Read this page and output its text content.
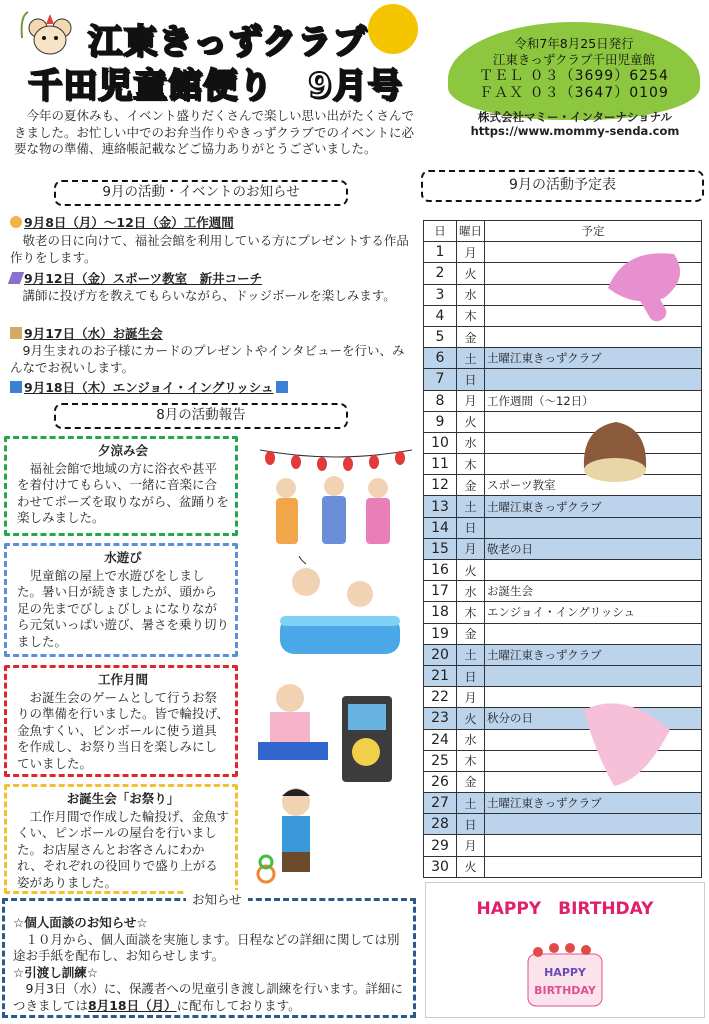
江東きっずクラブ
千田児童館便り　9月号
令和7年8月25日発行
江東きっずクラブ千田児童館
ＴＥＬ ０３（3699）6254
ＦＡＸ ０３（3647）0109
株式会社マミー・インターナショナル
https://www.mommy-senda.com
今年の夏休みも、イベント盛りだくさんで楽しい思い出がたくさんできました。お忙しい中でのお弁当作りやきっずクラブでのイベントに必要な物の準備、連絡帳記載などご協力ありがとうございました。
9月の活動・イベントのお知らせ
9月8日（月）～12日（金）工作週間
敬老の日に向けて、福祉会館を利用している方にプレゼントする作品作りをします。
9月12日（金）スポーツ教室　新井コーチ
講師に投げ方を教えてもらいながら、ドッジボールを楽しみます。
9月17日（水）お誕生会
9月生まれのお子様にカードのプレゼントやインタビューを行い、みんなでお祝いします。
9月18日（木）エンジョイ・イングリッシュ
8月の活動報告
夕涼み会

福祉会館で地域の方に浴衣や甚平を着付けてもらい、一緒に音楽に合わせてポーズを取りながら、盆踊りを楽しみました。

水遊び

児童館の屋上で水遊びをしました。暑い日が続きましたが、頭から足の先までびしょびしょになりながら元気いっぱい遊び、暑さを乗り切りました。

工作月間

お誕生会のゲームとして行うお祭りの準備を行いました。皆で輪投げ、金魚すくい、ピンボールに使う道具を作成し、お祭り当日を楽しみにしていました。

お誕生会「お祭り」

工作月間で作成した輪投げ、金魚すくい、ピンボールの屋台を行いました。お店屋さんとお客さんにわかれ、それぞれの役回りで盛り上がる姿がありました。

☆個人面談のお知らせ☆
１０月から、個人面談を実施します。日程などの詳細に関しては別途お手紙を配布し、お知らせします。
☆引渡し訓練☆
9月3日（水）に、保護者への児童引き渡し訓練を行います。詳細につきましては8月18日（月）に配布しております。
お知らせ
9月の活動予定表
日	曜日	予定
1	月	
2	火	
3	水	
4	木	
5	金	
6	土	土曜江東きっずクラブ
7	日	
8	月	工作週間（～12日）
9	火	
10	水	
11	木	
12	金	スポーツ教室
13	土	土曜江東きっずクラブ
14	日	
15	月	敬老の日
16	火	
17	水	お誕生会
18	木	エンジョイ・イングリッシュ
19	金	
20	土	土曜江東きっずクラブ
21	日	
22	月	
23	火	秋分の日
24	水	
25	木	
26	金	
27	土	土曜江東きっずクラブ
28	日	
29	月	
30	火	
HAPPY　BIRTHDAY
HAPPY
BIRTHDAY
